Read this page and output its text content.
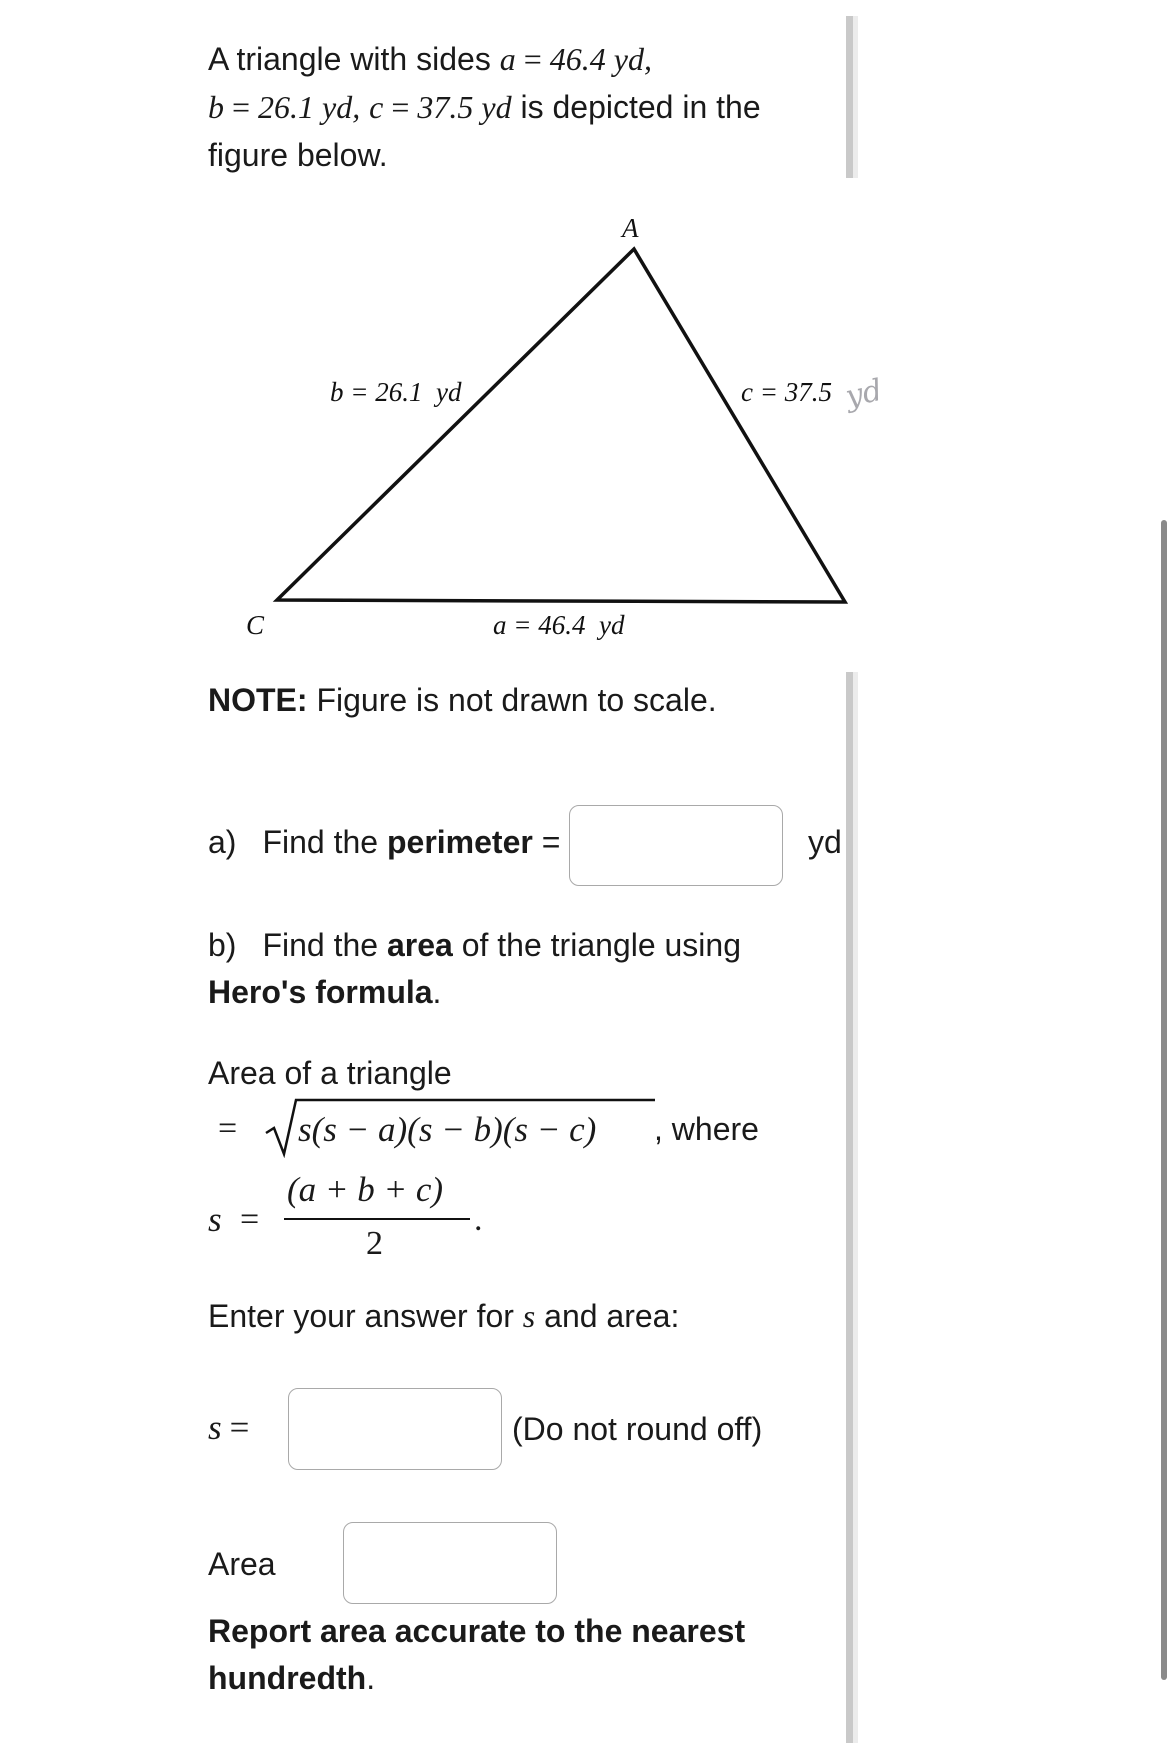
A triangle with sides a = 46.4 yd,
b = 26.1 yd, c = 37.5 yd is depicted in the
figure below.
A
C
b = 26.1  yd	c = 37.5
a = 46.4  yd
yd
NOTE: Figure is not drawn to scale.
a) Find the perimeter =	yd
b) Find the area of the triangle using
Hero's formula.
Area of a triangle
= s(s − a)(s − b)(s − c) , where
s =
(a + b + c)
2
.
Enter your answer for s and area:
s =	(Do not round off)
Area
Report area accurate to the nearest
hundredth.
